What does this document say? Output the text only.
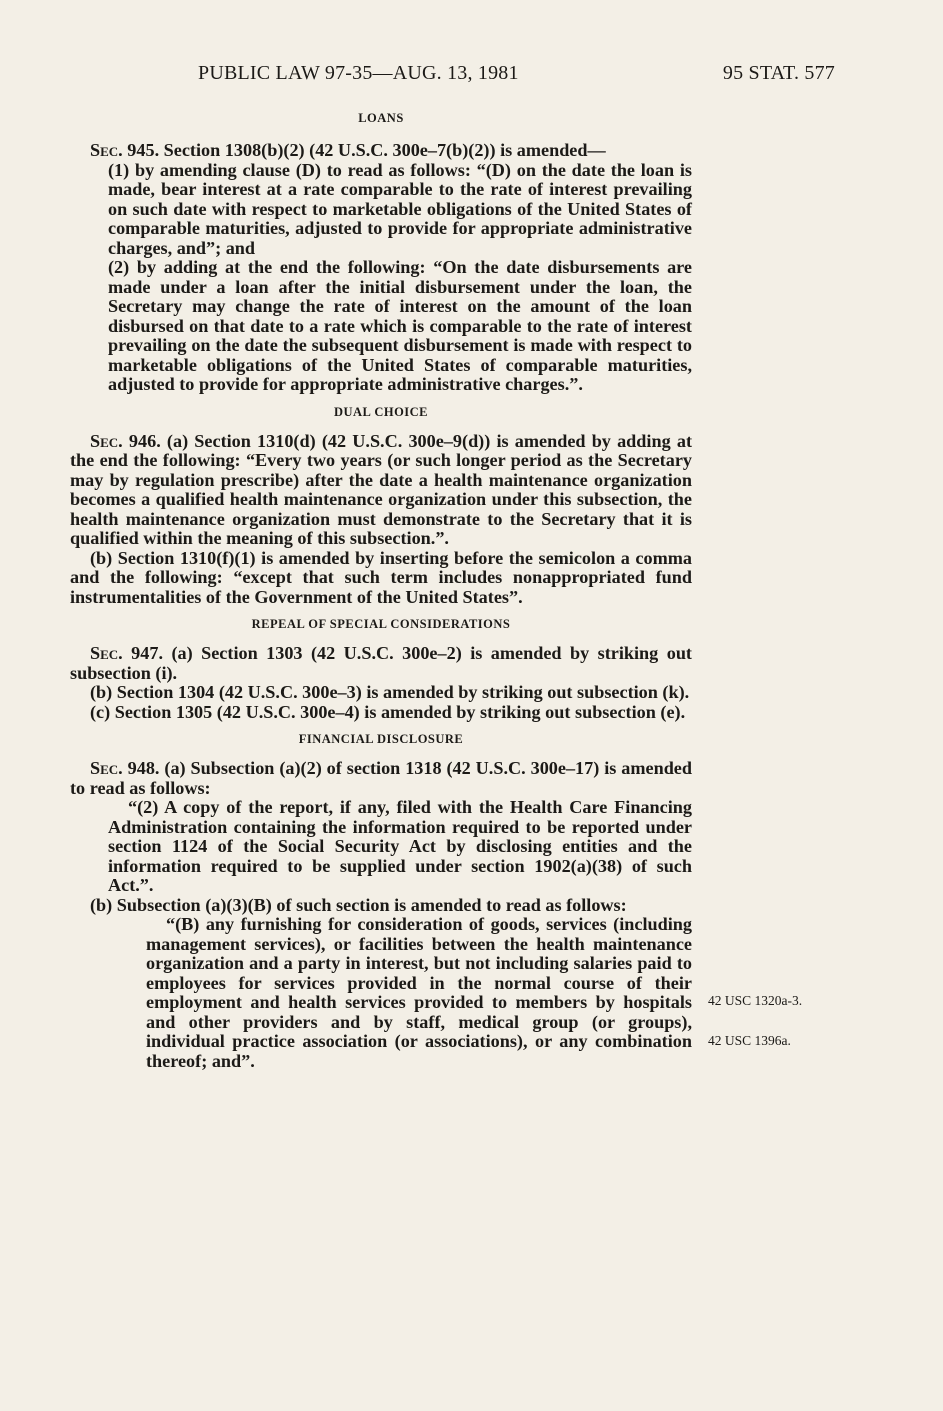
PUBLIC LAW 97-35—AUG. 13, 1981	95 STAT. 577
LOANS

Sec. 945. Section 1308(b)(2) (42 U.S.C. 300e–7(b)(2)) is amended—

(1) by amending clause (D) to read as follows: “(D) on the date the loan is made, bear interest at a rate comparable to the rate of interest prevailing on such date with respect to marketable obligations of the United States of comparable maturities, adjusted to provide for appropriate administrative charges, and”; and

(2) by adding at the end the following: “On the date disbursements are made under a loan after the initial disbursement under the loan, the Secretary may change the rate of interest on the amount of the loan disbursed on that date to a rate which is comparable to the rate of interest prevailing on the date the subsequent disbursement is made with respect to marketable obligations of the United States of comparable maturities, adjusted to provide for appropriate administrative charges.”.

DUAL CHOICE

Sec. 946. (a) Section 1310(d) (42 U.S.C. 300e–9(d)) is amended by adding at the end the following: “Every two years (or such longer period as the Secretary may by regulation prescribe) after the date a health maintenance organization becomes a qualified health maintenance organization under this subsection, the health maintenance organization must demonstrate to the Secretary that it is qualified within the meaning of this subsection.”.

(b) Section 1310(f)(1) is amended by inserting before the semicolon a comma and the following: “except that such term includes nonappropriated fund instrumentalities of the Government of the United States”.

REPEAL OF SPECIAL CONSIDERATIONS

Sec. 947. (a) Section 1303 (42 U.S.C. 300e–2) is amended by striking out subsection (i).

(b) Section 1304 (42 U.S.C. 300e–3) is amended by striking out subsection (k).

(c) Section 1305 (42 U.S.C. 300e–4) is amended by striking out subsection (e).

FINANCIAL DISCLOSURE

Sec. 948. (a) Subsection (a)(2) of section 1318 (42 U.S.C. 300e–17) is amended to read as follows:

“(2) A copy of the report, if any, filed with the Health Care Financing Administration containing the information required to be reported under section 1124 of the Social Security Act by disclosing entities and the information required to be supplied under section 1902(a)(38) of such Act.”.

(b) Subsection (a)(3)(B) of such section is amended to read as follows:

“(B) any furnishing for consideration of goods, services (including management services), or facilities between the health maintenance organization and a party in interest, but not including salaries paid to employees for services provided in the normal course of their employment and health services provided to members by hospitals and other providers and by staff, medical group (or groups), individual practice association (or associations), or any combination thereof; and”.

42 USC 1320a-3.
42 USC 1396a.
